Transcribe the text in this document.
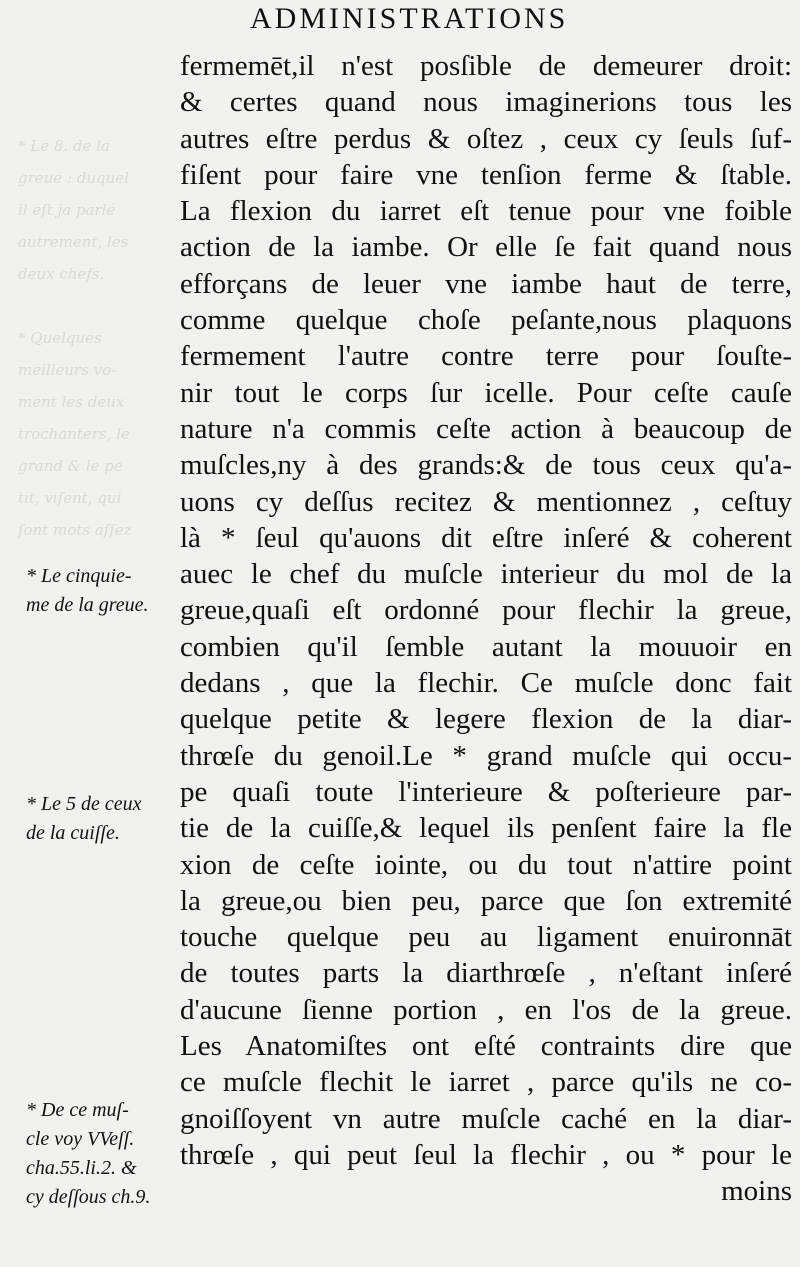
* Le 8. de la
greue : duquel
il eſt ja parlé
autrement, les
deux chefs.

* Quelques
meilleurs vo-
ment les deux
trochanters, le
grand & le pe
tit, viſent, qui
ſont mots aſſez
ADMINISTRATIONS
fermemēt,il n'est posſible de demeurer droit:
& certes quand nous imaginerions tous les
autres eſtre perdus & oſtez , ceux cy ſeuls ſuf-
fiſent pour faire vne tenſion ferme & ſtable.
La flexion du iarret eſt tenue pour vne foible
action de la iambe. Or elle ſe fait quand nous
efforçans de leuer vne iambe haut de terre,
comme quelque choſe peſante,nous plaquons
fermement l'autre contre terre pour ſouſte-
nir tout le corps ſur icelle. Pour ceſte cauſe
nature n'a commis ceſte action à beaucoup de
muſcles,ny à des grands:& de tous ceux qu'a-
uons cy deſſus recitez & mentionnez , ceſtuy
là * ſeul qu'auons dit eſtre inſeré & coherent
auec le chef du muſcle interieur du mol de la
greue,quaſi eſt ordonné pour flechir la greue,
combien qu'il ſemble autant la mouuoir en
dedans , que la flechir. Ce muſcle donc fait
quelque petite & legere flexion de la diar-
thrœſe du genoil.Le * grand muſcle qui occu-
pe quaſi toute l'interieure & poſterieure par-
tie de la cuiſſe,& lequel ils penſent faire la fle
xion de ceſte iointe, ou du tout n'attire point
la greue,ou bien peu, parce que ſon extremité
touche quelque peu au ligament enuironnāt
de toutes parts la diarthrœſe , n'eſtant inſeré
d'aucune ſienne portion , en l'os de la greue.
Les Anatomiſtes ont eſté contraints dire que
ce muſcle flechit le iarret , parce qu'ils ne co-
gnoiſſoyent vn autre muſcle caché en la diar-
thrœſe , qui peut ſeul la flechir , ou * pour le
moins
* Le cinquie-
me de la greue.
* Le 5 de ceux
de la cuiſſe.
* De ce muſ-
cle voy VVeſſ.
cha.55.li.2. &
cy deſſous ch.9.
